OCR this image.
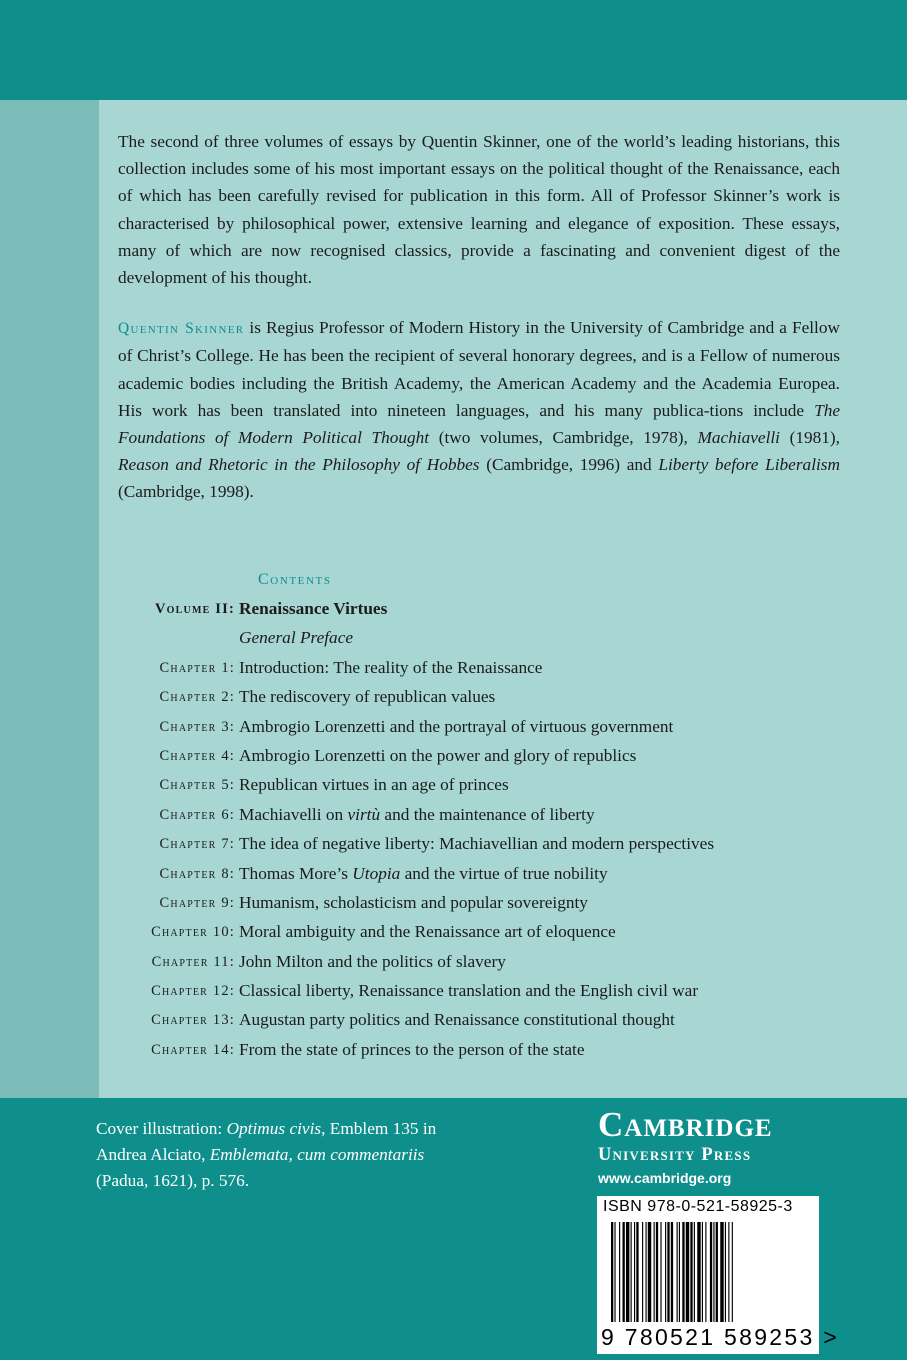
The second of three volumes of essays by Quentin Skinner, one of the world’s leading historians, this collection includes some of his most important essays on the political thought of the Renaissance, each of which has been carefully revised for publication in this form. All of Professor Skinner’s work is characterised by philosophical power, extensive learning and elegance of exposition. These essays, many of which are now recognised classics, provide a fascinating and convenient digest of the development of his thought.

Quentin Skinner is Regius Professor of Modern History in the University of Cambridge and a Fellow of Christ’s College. He has been the recipient of several honorary degrees, and is a Fellow of numerous academic bodies including the British Academy, the American Academy and the Academia Europea. His work has been translated into nineteen languages, and his many publica-tions include The Foundations of Modern Political Thought (two volumes, Cambridge, 1978), Machiavelli (1981), Reason and Rhetoric in the Philosophy of Hobbes (Cambridge, 1996) and Liberty before Liberalism (Cambridge, 1998).

Contents
Volume II: Renaissance Virtues
General Preface
Chapter 1: Introduction: The reality of the Renaissance
Chapter 2: The rediscovery of republican values
Chapter 3: Ambrogio Lorenzetti and the portrayal of virtuous government
Chapter 4: Ambrogio Lorenzetti on the power and glory of republics
Chapter 5: Republican virtues in an age of princes
Chapter 6: Machiavelli on virtù and the maintenance of liberty
Chapter 7: The idea of negative liberty: Machiavellian and modern perspectives
Chapter 8: Thomas More’s Utopia and the virtue of true nobility
Chapter 9: Humanism, scholasticism and popular sovereignty
Chapter 10: Moral ambiguity and the Renaissance art of eloquence
Chapter 11: John Milton and the politics of slavery
Chapter 12: Classical liberty, Renaissance translation and the English civil war
Chapter 13: Augustan party politics and Renaissance constitutional thought
Chapter 14: From the state of princes to the person of the state
Cover illustration: Optimus civis, Emblem 135 in Andrea Alciato, Emblemata, cum commentariis (Padua, 1621), p. 576.
Cambridge
University Press
www.cambridge.org
ISBN 978-0-521-58925-3
9 780521 589253 >
